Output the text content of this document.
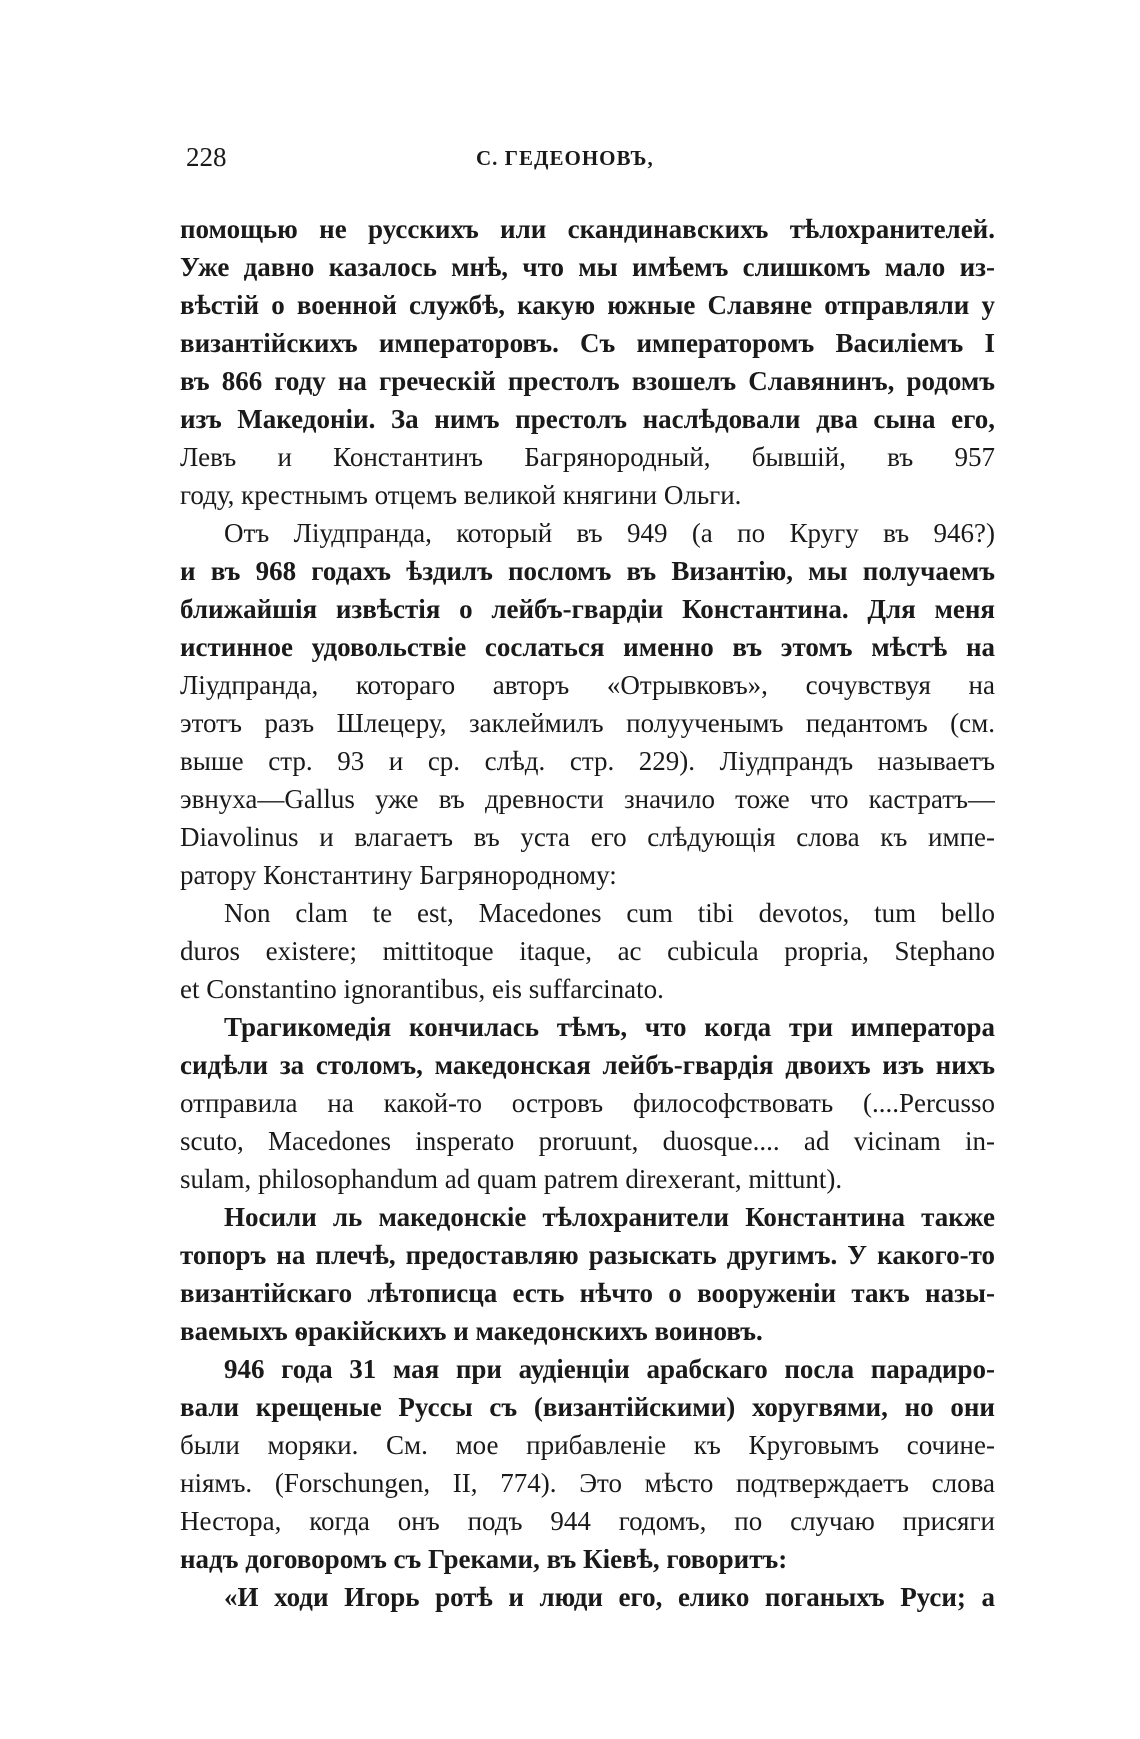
228	С. ГЕДЕОНОВЪ,
помощью не русскихъ или скандинавскихъ тѣлохранителей.
Уже давно казалось мнѣ, что мы имѣемъ слишкомъ мало из-
вѣстій о военной службѣ, какую южные Славяне отправляли у
византійскихъ императоровъ. Съ императоромъ Василіемъ I
въ 866 году на греческій престолъ взошелъ Славянинъ, родомъ
изъ Македоніи. За нимъ престолъ наслѣдовали два сына его,
Левъ и Константинъ Багрянородный, бывшій, въ 957
году, крестнымъ отцемъ великой княгини Ольги.
Отъ Ліудпранда, который въ 949 (а по Кругу въ 946?)
и въ 968 годахъ ѣздилъ посломъ въ Византію, мы получаемъ
ближайшія извѣстія о лейбъ-гвардіи Константина. Для меня
истинное удовольствіе сослаться именно въ этомъ мѣстѣ на
Ліудпранда, котораго авторъ «Отрывковъ», сочувствуя на
этотъ разъ Шлецеру, заклеймилъ полуученымъ педантомъ (см.
выше стр. 93 и ср. слѣд. стр. 229). Ліудпрандъ называетъ
эвнуха—Gallus уже въ древности значило тоже что кастратъ—
Diavolinus и влагаетъ въ уста его слѣдующія слова къ импе-
ратору Константину Багрянородному:
Non clam te est, Macedones cum tibi devotos, tum bello
duros existere; mittitoque itaque, ac cubicula propria, Stephano
et Constantino ignorantibus, eis suffarcinato.
Трагикомедія кончилась тѣмъ, что когда три императора
сидѣли за столомъ, македонская лейбъ-гвардія двоихъ изъ нихъ
отправила на какой-то островъ философствовать (....Percusso
scuto, Macedones insperato proruunt, duosque.... ad vicinam in-
sulam, philosophandum ad quam patrem direxerant, mittunt).
Носили ль македонскіе тѣлохранители Константина также
топоръ на плечѣ, предоставляю разыскать другимъ. У какого-то
византійскаго лѣтописца есть нѣчто о вооруженіи такъ назы-
ваемыхъ ѳракійскихъ и македонскихъ воиновъ.
946 года 31 мая при аудіенціи арабскаго посла парадиро-
вали крещеные Руссы съ (византійскими) хоругвями, но они
были моряки. См. мое прибавленіе къ Круговымъ сочине-
ніямъ. (Forschungen, II, 774). Это мѣсто подтверждаетъ слова
Нестора, когда онъ подъ 944 годомъ, по случаю присяги
надъ договоромъ съ Греками, въ Кіевѣ, говоритъ:
«И ходи Игорь ротѣ и люди его, елико поганыхъ Руси; а
